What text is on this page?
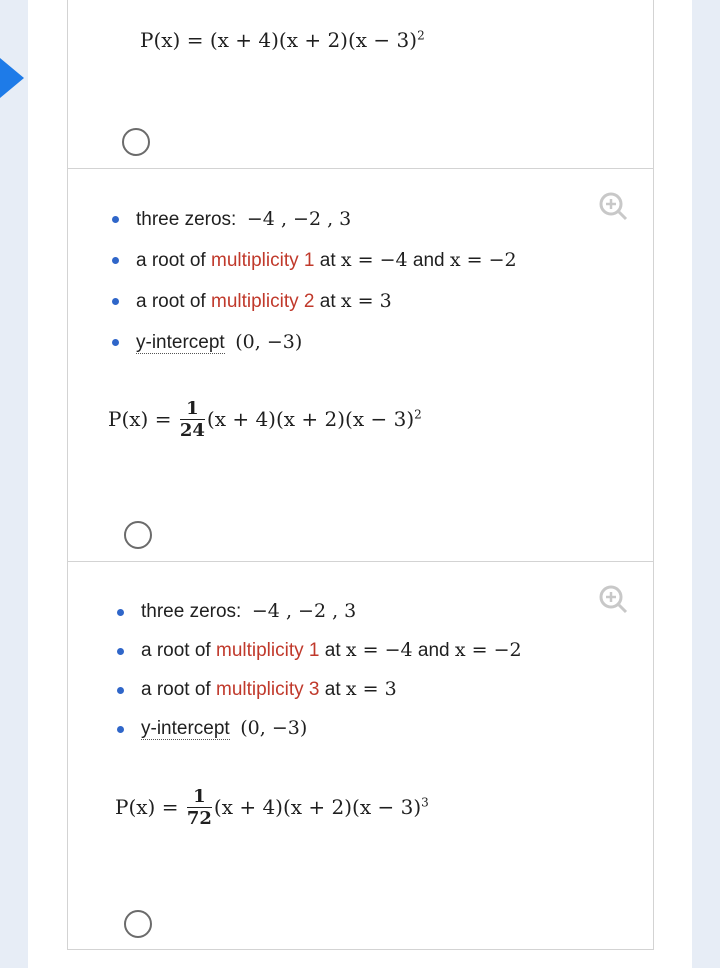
$P(x) = (x + 4)(x + 2)(x - 3)^2$
three zeros: −4 , −2 , 3
a root of multiplicity 1 at x = −4 and x = −2
a root of multiplicity 2 at x = 3
y-intercept (0, −3)
$P(x) = \frac{1}{24} (x + 4)(x + 2)(x - 3)^2$
three zeros: −4 , −2 , 3
a root of multiplicity 1 at x = −4 and x = −2
a root of multiplicity 3 at x = 3
y-intercept (0, −3)
$P(x) = \frac{1}{72} (x + 4)(x + 2)(x - 3)^3$
